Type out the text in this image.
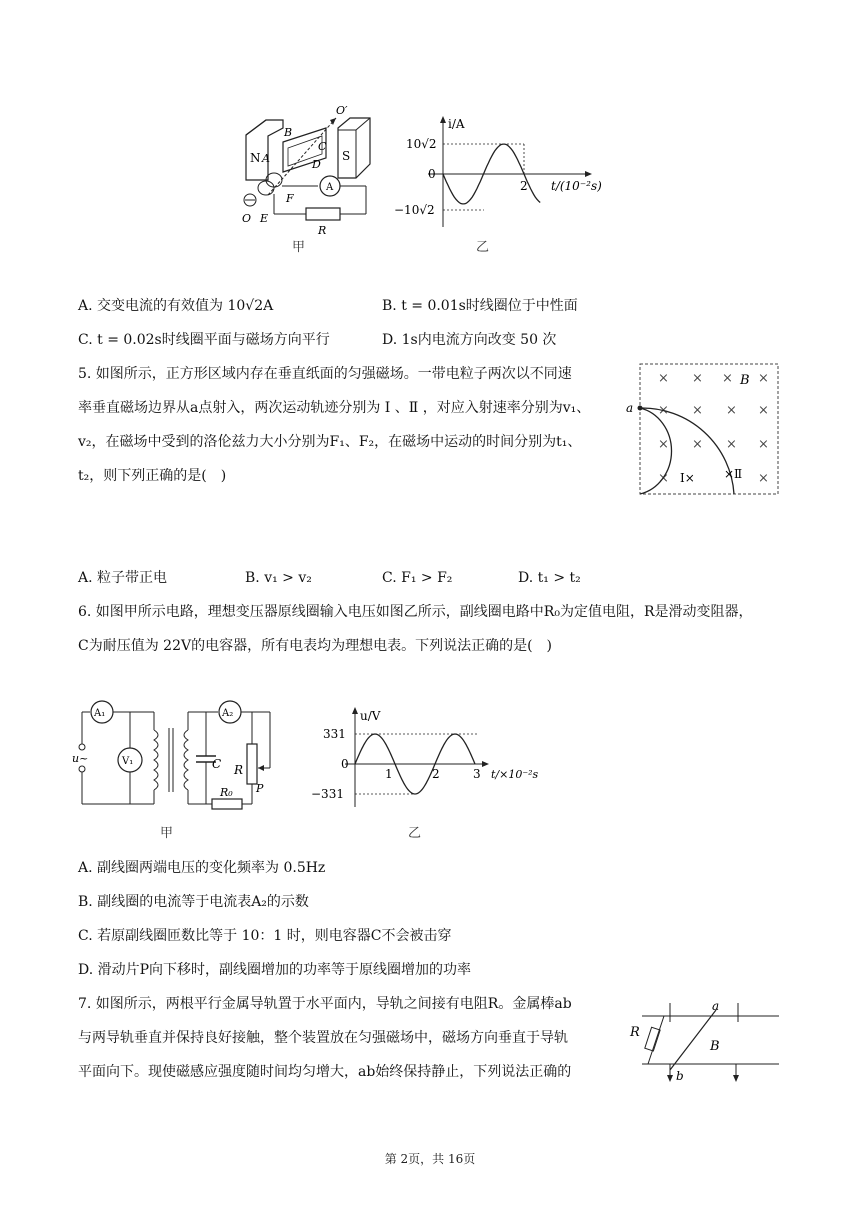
N A
B
C
D
S
O′
F
O E
R
A
甲
i/A
10√2
0
−10√2
2 t/(10⁻²s)
乙
A. 交变电流的有效值为 10√2A	B. t = 0.01s时线圈位于中性面
C. t = 0.02s时线圈平面与磁场方向平行	D. 1s内电流方向改变 50 次
5. 如图所示，正方形区域内存在垂直纸面的匀强磁场。一带电粒子两次以不同速
率垂直磁场边界从a点射入，两次运动轨迹分别为 Ⅰ 、Ⅱ ，对应入射速率分别为v₁、
v₂，在磁场中受到的洛伦兹力大小分别为F₁、F₂，在磁场中运动的时间分别为t₁、
t₂，则下列正确的是(　)
× × × ×
× × × ×
× × × ×
×	×
a
B
Ⅰ× ×Ⅱ
A. 粒子带正电	B. v₁ > v₂	C. F₁ > F₂	D. t₁ > t₂
6. 如图甲所示电路，理想变压器原线圈输入电压如图乙所示，副线圈电路中R₀为定值电阻，R是滑动变阻器，
C为耐压值为 22V的电容器，所有电表均为理想电表。下列说法正确的是(　)
A₁	A₂
V₁
u~	C R
R₀ P
甲
u/V
331
0
−331
1	2	3 t/×10⁻²s
乙
A. 副线圈两端电压的变化频率为 0.5Hz
B. 副线圈的电流等于电流表A₂的示数
C. 若原副线圈匝数比等于 10：1 时，则电容器C不会被击穿
D. 滑动片P向下移时，副线圈增加的功率等于原线圈增加的功率
7. 如图所示，两根平行金属导轨置于水平面内，导轨之间接有电阻R。金属棒ab
与两导轨垂直并保持良好接触，整个装置放在匀强磁场中，磁场方向垂直于导轨
平面向下。现使磁感应强度随时间均匀增大，ab始终保持静止，下列说法正确的
R
a
b
B
第 2页，共 16页
